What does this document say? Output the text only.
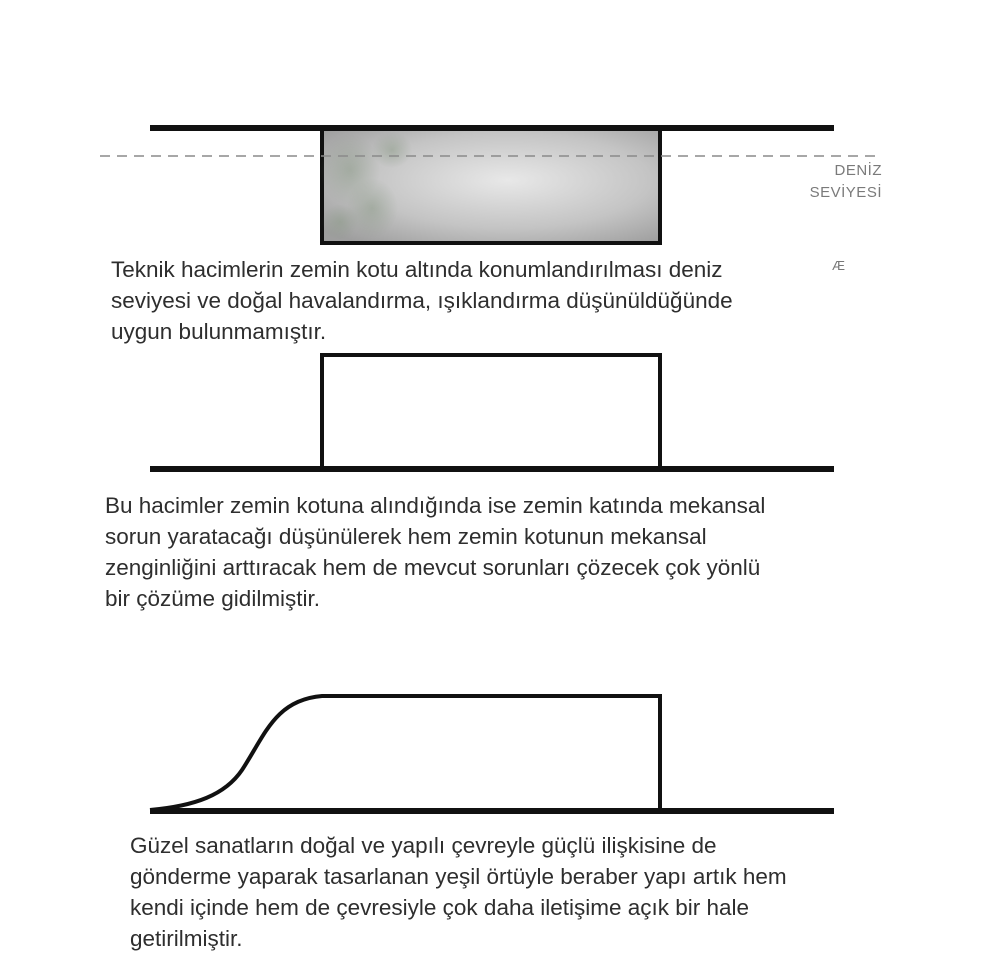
DENİZ
SEVİYESİ
Æ

Teknik hacimlerin zemin kotu altında konumlandırılması deniz
seviyesi ve doğal havalandırma, ışıklandırma düşünüldüğünde
uygun bulunmamıştır.

Bu hacimler zemin kotuna alındığında ise zemin katında mekansal
sorun yaratacağı düşünülerek hem zemin kotunun mekansal
zenginliğini arttıracak hem de mevcut sorunları çözecek çok yönlü
bir çözüme gidilmiştir.

Güzel sanatların doğal ve yapılı çevreyle güçlü ilişkisine de
gönderme yaparak tasarlanan yeşil örtüyle beraber yapı artık hem
kendi içinde hem de çevresiyle çok daha iletişime açık bir hale
getirilmiştir.
